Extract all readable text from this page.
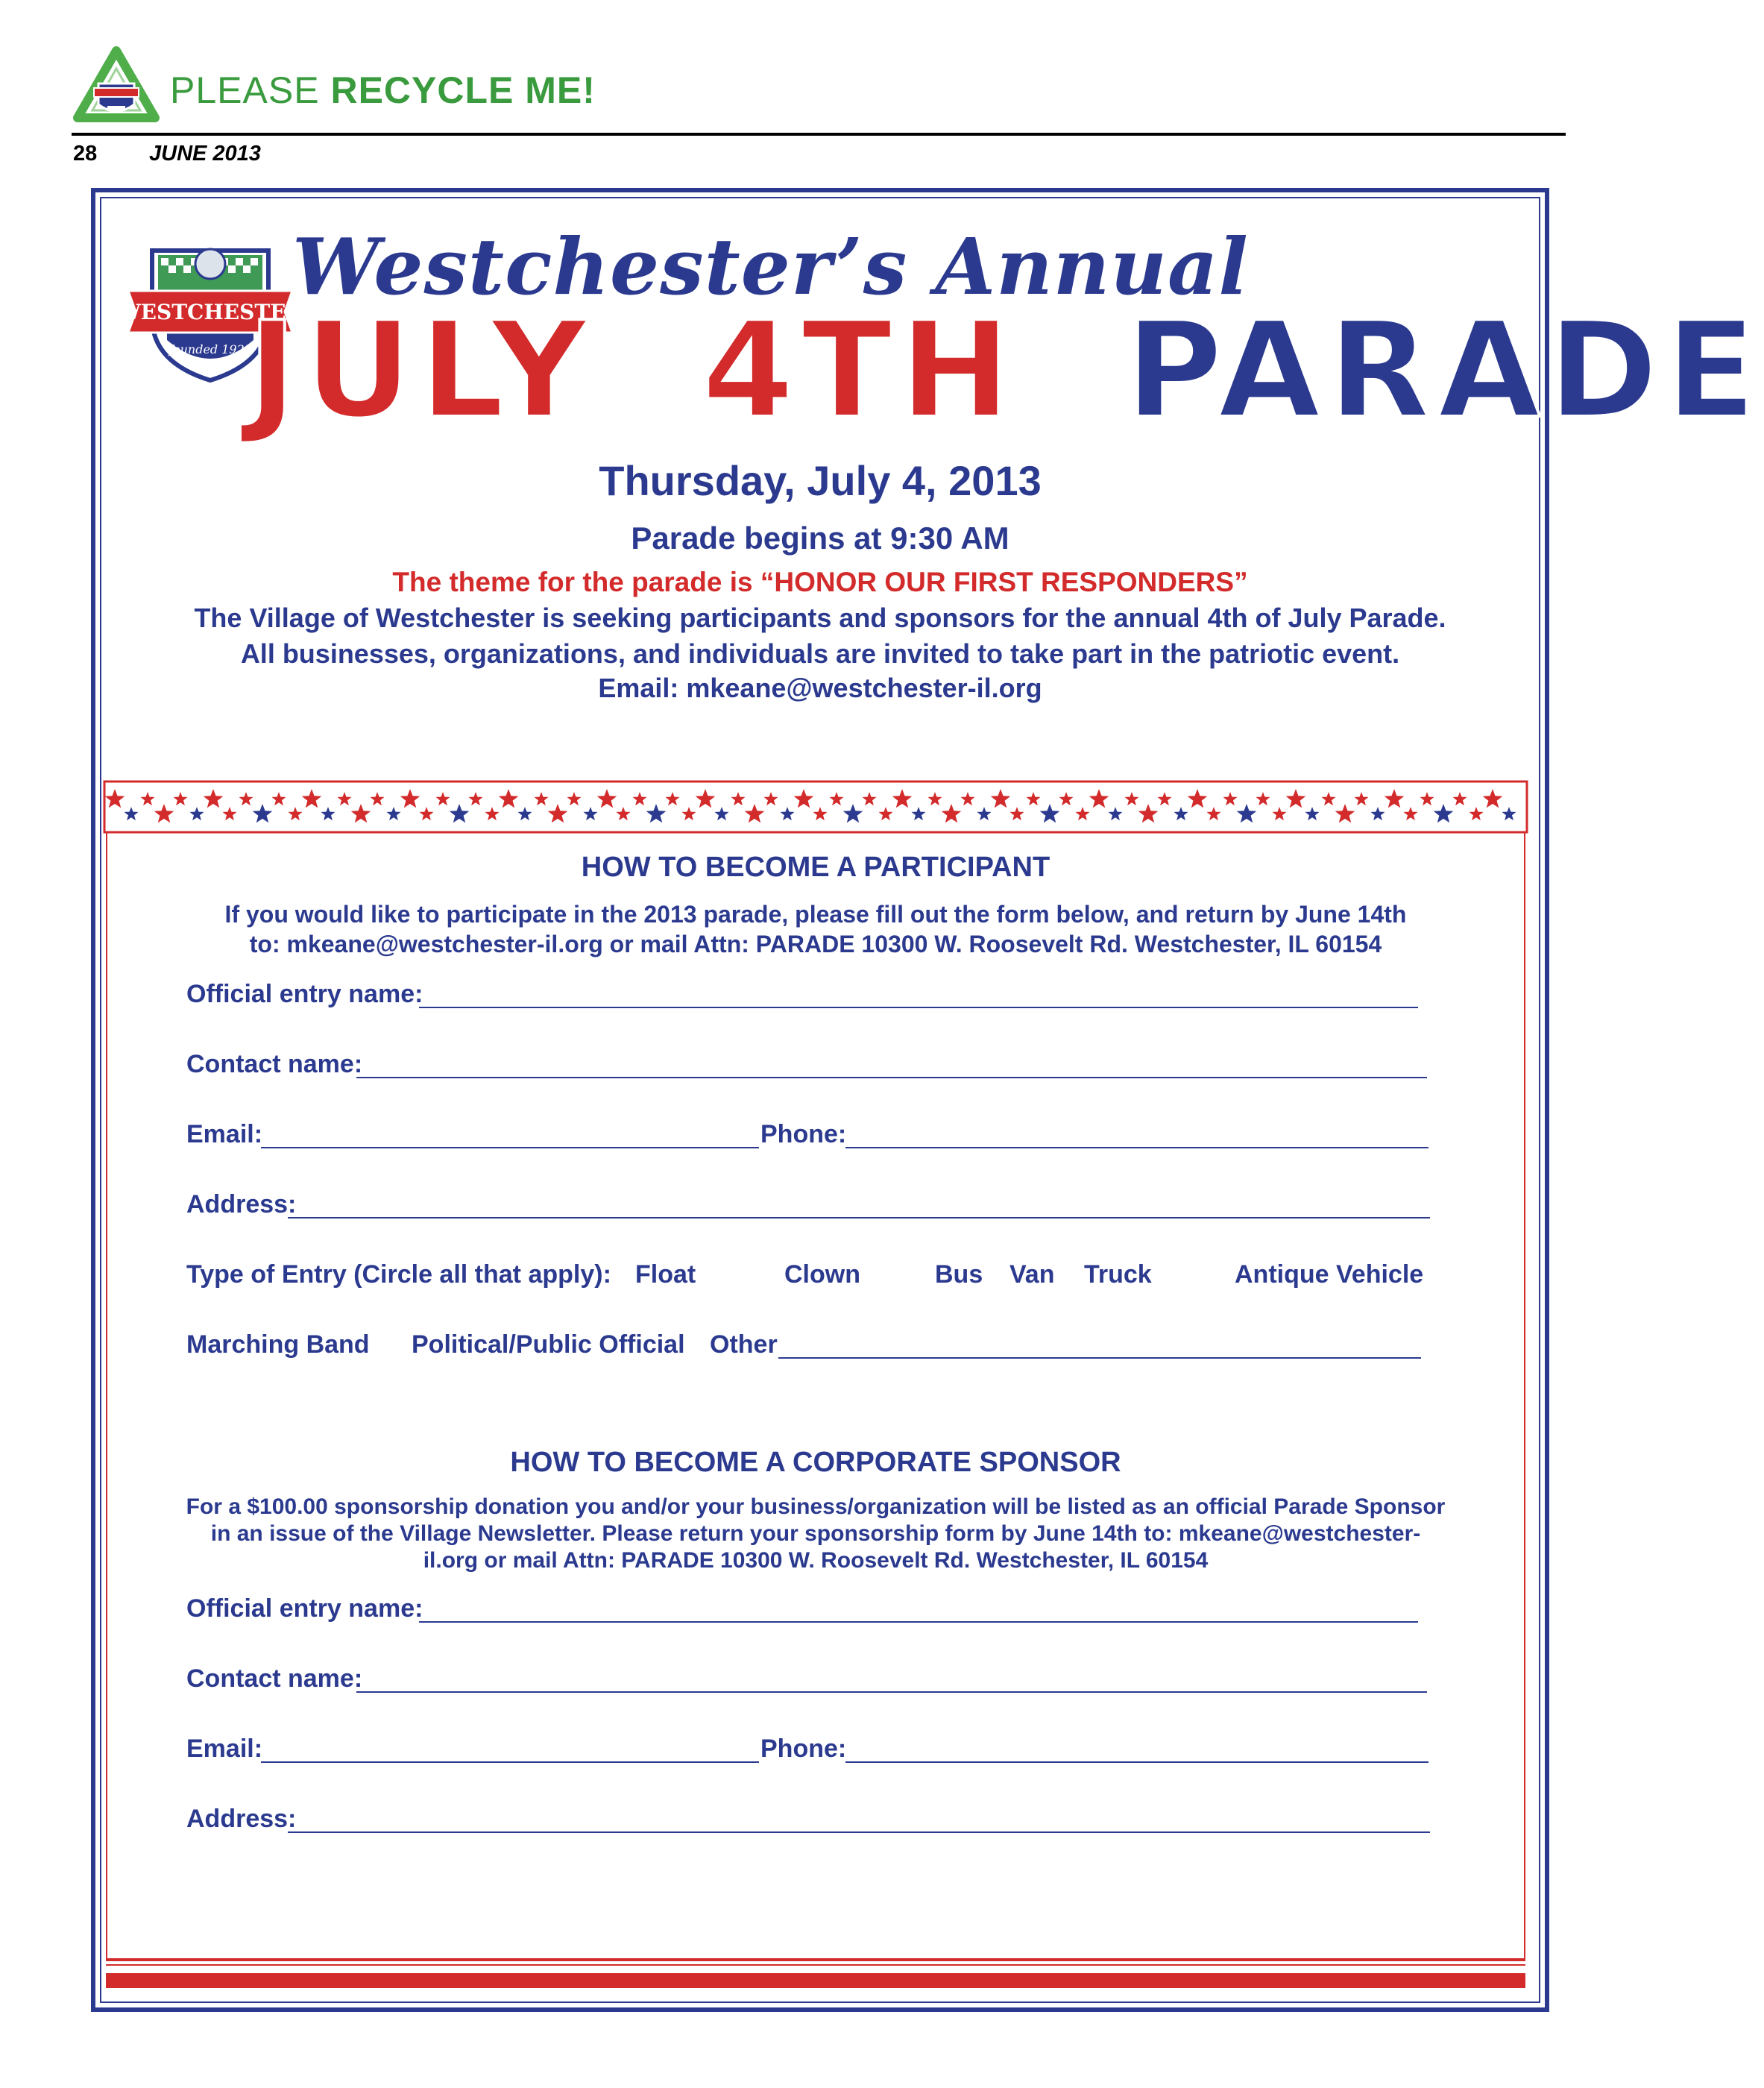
PLEASE RECYCLE ME!
28 JUNE 2013
WESTCHESTER
founded 1925
Westchester’s Annual
JULY 4TH PARADE
Thursday, July 4, 2013
Parade begins at 9:30 AM
The theme for the parade is “HONOR OUR FIRST RESPONDERS”
The Village of Westchester is seeking participants and sponsors for the annual 4th of July Parade.
All businesses, organizations, and individuals are invited to take part in the patriotic event.
Email: mkeane@westchester-il.org
HOW TO BECOME A PARTICIPANT
If you would like to participate in the 2013 parade, please fill out the form below, and return by June 14th
to: mkeane@westchester-il.org or mail Attn: PARADE 10300 W. Roosevelt Rd. Westchester, IL 60154
Official entry name:
Contact name:
Email:	Phone:
Address:
Type of Entry (Circle all that apply): Float	Clown	Bus Van Truck	Antique Vehicle
Marching Band Political/Public Official Other
HOW TO BECOME A CORPORATE SPONSOR
For a $100.00 sponsorship donation you and/or your business/organization will be listed as an official Parade Sponsor
in an issue of the Village Newsletter. Please return your sponsorship form by June 14th to: mkeane@westchester-
il.org or mail Attn: PARADE 10300 W. Roosevelt Rd. Westchester, IL 60154
Official entry name:
Contact name:
Email:	Phone:
Address:
